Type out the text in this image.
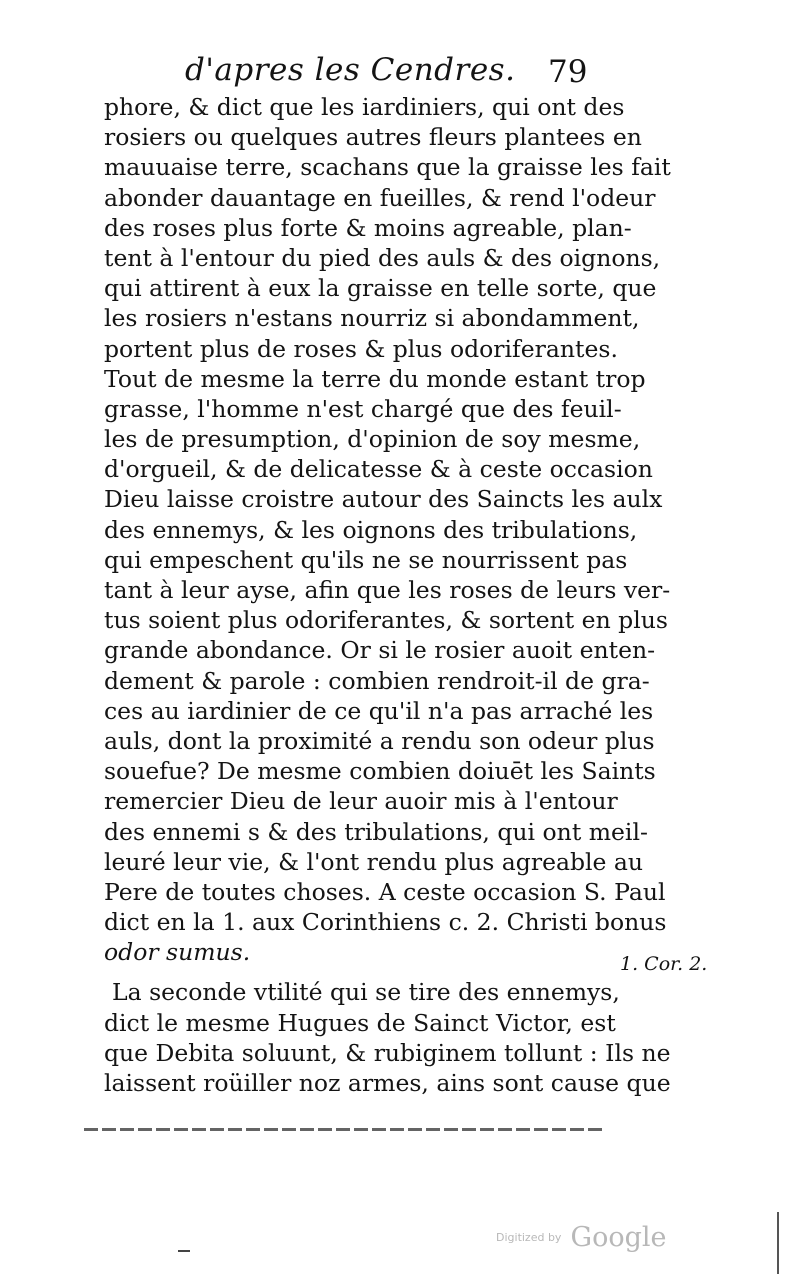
d'apres les Cendres. 79
phore, & dict que les iardiniers, qui ont des
rosiers ou quelques autres fleurs plantees en
mauuaise terre, scachans que la graisse les fait
abonder dauantage en fueilles, & rend l'odeur
des roses plus forte & moins agreable, plan-
tent à l'entour du pied des auls & des oignons,
qui attirent à eux la graisse en telle sorte, que
les rosiers n'estans nourriz si abondamment,
portent plus de roses & plus odoriferantes.
Tout de mesme la terre du monde estant trop
grasse, l'homme n'est chargé que des feuil-
les de presumption, d'opinion de soy mesme,
d'orgueil, & de delicatesse & à ceste occasion
Dieu laisse croistre autour des Saincts les aulx
des ennemys, & les oignons des tribulations,
qui empeschent qu'ils ne se nourrissent pas
tant à leur ayse, afin que les roses de leurs ver-
tus soient plus odoriferantes, & sortent en plus
grande abondance. Or si le rosier auoit enten-
dement & parole : combien rendroit-il de gra-
ces au iardinier de ce qu'il n'a pas arraché les
auls, dont la proximité a rendu son odeur plus
souefue? De mesme combien doiuēt les Saints
remercier Dieu de leur auoir mis à l'entour
des ennemi s & des tribulations, qui ont meil-
leuré leur vie, & l'ont rendu plus agreable au
Pere de toutes choses. A ceste occasion S. Paul
dict en la 1. aux Corinthiens c. 2. Christi bonus
odor sumus.
La seconde vtilité qui se tire des ennemys,
dict le mesme Hugues de Sainct Victor, est
que Debita soluunt, & rubiginem tollunt : Ils ne
laissent roüiller noz armes, ains sont cause que
1. Cor. 2.
Digitized by Google
